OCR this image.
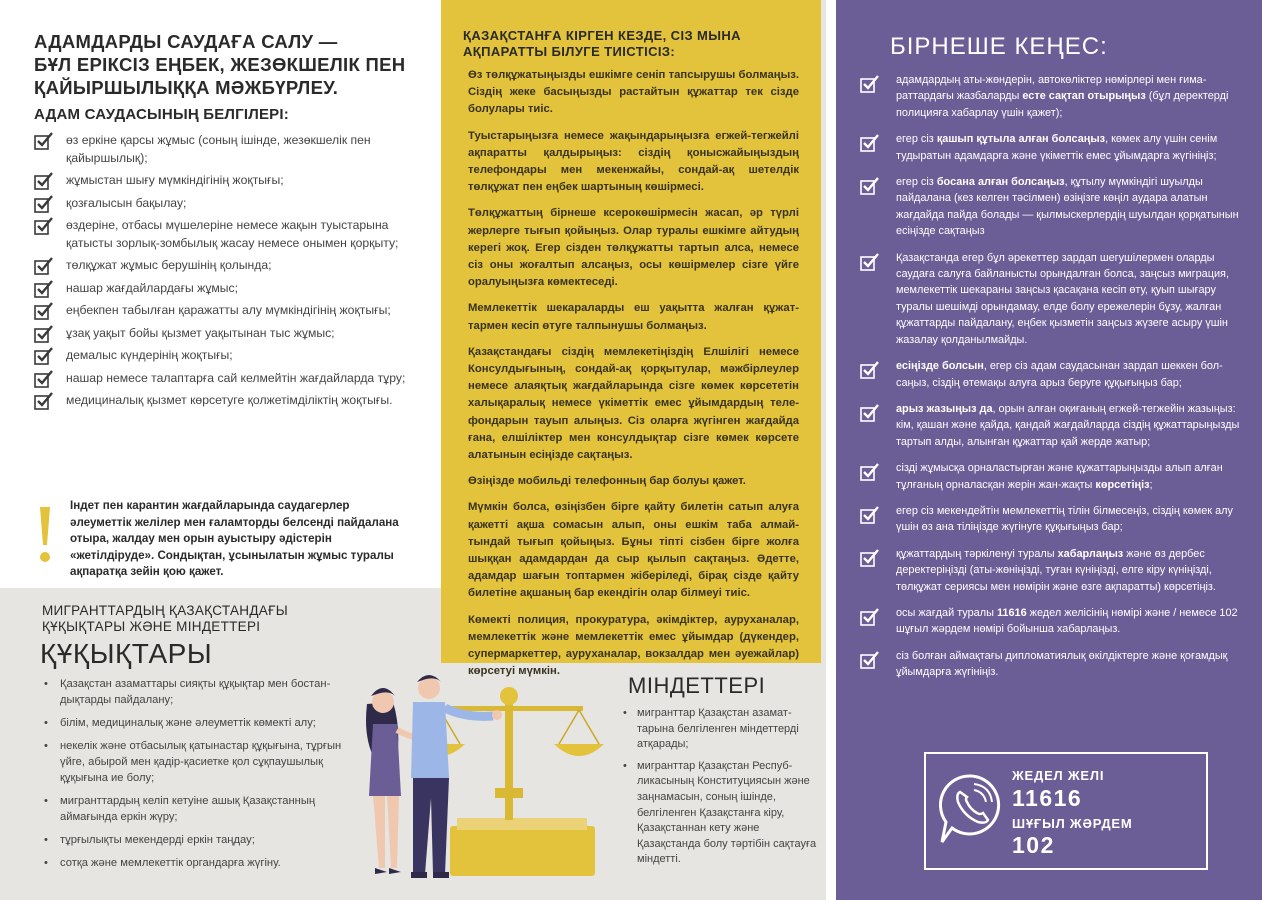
АДАМДАРДЫ САУДАҒА САЛУ —
БҰЛ ЕРІКСІЗ ЕҢБЕК, ЖЕЗӨКШЕЛІК ПЕН
ҚАЙЫРШЫЛЫҚҚА МӘЖБҮРЛЕУ.
АДАМ САУДАСЫНЫҢ БЕЛГІЛЕРІ:
өз еркіне қарсы жұмыс (соның ішінде, жезөкшелік пен қайыршылық);
жұмыстан шығу мүмкіндігінің жоқтығы;
қозғалысын бақылау;
өздеріне, отбасы мүшелеріне немесе жақын туыстарына қатысты зорлық-зомбылық жасау немесе онымен қорқыту;
төлқұжат жұмыс берушінің қолында;
нашар жағдайлардағы жұмыс;
еңбекпен табылған қаражатты алу мүмкіндігінің жоқтығы;
ұзақ уақыт бойы қызмет уақытынан тыс жұмыс;
демалыс күндерінің жоқтығы;
нашар немесе талаптарға сай келмейтін жағдайларда тұру;
медициналық қызмет көрсетуге қолжетімділіктің жоқтығы.
Індет пен карантин жағдайларында саудагерлер әлеуметтік желілер мен ғаламторды белсенді пайдалана отыра, жалдау мен орын ауыстыру әдістерін «жетілдіруде». Сондықтан, ұсынылатын жұмыс туралы ақпаратқа зейін қою қажет.
МИГРАНТТАРДЫҢ ҚАЗАҚСТАНДАҒЫ
ҚҰҚЫҚТАРЫ ЖӘНЕ МІНДЕТТЕРІ
ҚҰҚЫҚТАРЫ
• Қазақстан азаматтары сияқты құқықтар мен бостандықтарды пайдалану;
• білім, медициналық және әлеуметтік көмекті алу;
• некелік және отбасылық қатынастар құқығына, тұрғын үйге, абырой мен қадір-қасиетке қол сұқпаушылық құқығына ие болу;
• мигранттардың келіп кетуіне ашық Қазақстанның аймағында еркін жүру;
• тұрғылықты мекендерді еркін таңдау;
• сотқа және мемлекеттік органдарға жүгіну.
ҚАЗАҚСТАНҒА КІРГЕН КЕЗДЕ, СІЗ МЫНА
АҚПАРАТТЫ БІЛУГЕ ТИІСТІСІЗ:

Өз төлқұжатыңызды ешкімге сеніп тапсырушы болмаңыз. Сіздің жеке басыңызды растайтын құжаттар тек сізде болулары тиіс.

Туыстарыңызға немесе жақындарыңызға егжей-тегжейлі ақпаратты қалдырыңыз: сіздің қонысжайыңыздың телефондары мен мекенжайы, сондай-ақ шетелдік төлқұжат пен еңбек шартының көшірмесі.

Төлқұжаттың бірнеше ксерокөшірмесін жасап, әр түрлі жерлерге тығып қойыңыз. Олар туралы ешкімге айтудың керегі жоқ. Егер сізден төлқұжатты тартып алса, немесе сіз оны жоғалтып алсаңыз, осы көшірмелер сізге үйге оралуыңызға көмектеседі.

Мемлекеттік шекараларды еш уақытта жалған құжаттармен кесіп өтуге талпынушы болмаңыз.

Қазақстандағы сіздің мемлекетіңіздің Елшілігі немесе Консулдығының, сондай-ақ қорқытулар, мәжбірлеулер немесе алаяқтық жағдайларында сізге көмек көрсететін халықаралық немесе үкіметтік емес ұйымдардың телефондарын тауып алыңыз. Сіз оларға жүгінген жағдайда ғана, елшіліктер мен консулдықтар сізге көмек көрсете алатынын есіңізде сақтаңыз.

Өзіңізде мобильді телефонның бар болуы қажет.

Мүмкін болса, өзіңізбен бірге қайту билетін сатып алуға қажетті ақша сомасын алып, оны ешкім таба алмайтындай тығып қойыңыз. Бұны тіпті сізбен бірге жолға шыққан адамдардан да сыр қылып сақтаңыз. Әдетте, адамдар шағын топтармен жіберіледі, бірақ сізде қайту билетіне ақшаның бар екендігін олар білмеуі тиіс.

Көмекті полиция, прокуратура, әкімдіктер, ауруханалар, мемлекеттік және мемлекеттік емес ұйымдар (дүкендер, супермаркеттер, ауруханалар, вокзалдар мен әуежайлар) көрсетуі мүмкін.

МІНДЕТТЕРІ
• мигранттар Қазақстан азаматтарына белгіленген міндеттерді атқарады;
• мигранттар Қазақстан Республикасының Конституциясын және заңнамасын, соның ішінде, белгіленген Қазақстанға кіру, Қазақстаннан кету және Қазақстанда болу тәртібін сақтауға міндетті.
БІРНЕШЕ КЕҢЕС:
адамдардың аты-жөндерін, автокөліктер нөмірлері мен ғимараттардағы жазбаларды есте сақтап отырыңыз (бұл деректерді полицияға хабарлау үшін қажет);
егер сіз қашып құтыла алған болсаңыз, көмек алу үшін сенім тудыратын адамдарға және үкіметтік емес ұйымдарға жүгініңіз;
егер сіз босана алған болсаңыз, құтылу мүмкіндігі шуылды пайдалана (кез келген тәсілмен) өзіңізге көңіл аудара алатын жағдайда пайда болады — қылмыскерлердің шуылдан қорқатынын есіңізде сақтаңыз
Қазақстанда егер бұл әрекеттер зардап шегушілермен оларды саудаға салуға байланысты орындалған болса, заңсыз миграция, мемлекеттік шекараны заңсыз қасақана кесіп өту, қуып шығару туралы шешімді орындамау, елде болу ережелерін бұзу, жалған құжаттарды пайдалану, еңбек қызметін заңсыз жүзеге асыру үшін жазалау қолданылмайды.
есіңізде болсын, егер сіз адам саудасынан зардап шеккен болсаңыз, сіздің өтемақы алуға арыз беруге құқығыңыз бар;
арыз жазыңыз да, орын алған оқиғаның егжей-тегжейін жазыңыз: кім, қашан және қайда, қандай жағдайларда сіздің құжаттарыңызды тартып алды, алынған құжаттар қай жерде жатыр;
сізді жұмысқа орналастырған және құжаттарыңызды алып алған тұлғаның орналасқан жерін жан-жақты көрсетіңіз;
егер сіз мекендейтін мемлекеттің тілін білмесеңіз, сіздің көмек алу үшін өз ана тіліңізде жүгінуге құқығыңыз бар;
құжаттардың тәркіленуі туралы хабарлаңыз және өз дербес деректеріңізді (аты-жөніңізді, туған күніңізді, елге кіру күніңізді, төлқұжат сериясы мен нөмірін және өзге ақпаратты) көрсетіңіз.
осы жағдай туралы 11616 жедел желісінің нөмірі және / немесе 102 шұғыл жәрдем нөмірі бойынша хабарлаңыз.
сіз болған аймақтағы дипломатиялық өкілдіктерге және қоғамдық ұйымдарға жүгініңіз.
ЖЕДЕЛ ЖЕЛІ
11616
ШҰҒЫЛ ЖӘРДЕМ
102
